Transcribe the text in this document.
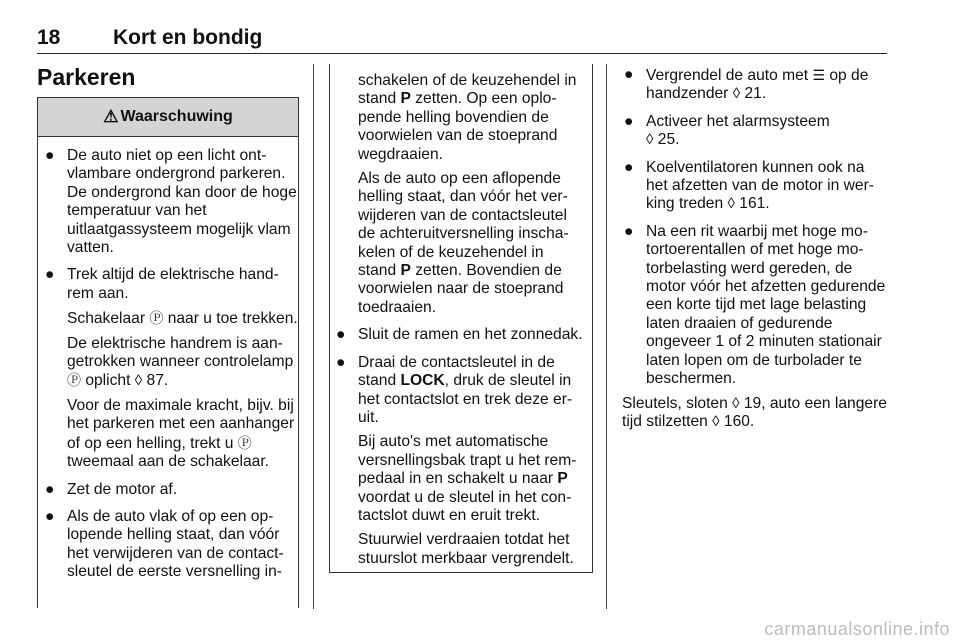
18	Kort en bondig
Parkeren
⚠ Waarschuwing

● De auto niet op een licht ontvlambare ondergrond parkeren. De ondergrond kan door de hoge temperatuur van het uitlaatgassysteem mogelijk vlam vatten.

● Trek altijd de elektrische handrem aan.

Schakelaar Ⓟ naar u toe trekken.

De elektrische handrem is aangetrokken wanneer controlelamp Ⓟ oplicht ◊ 87.

Voor de maximale kracht, bijv. bij het parkeren met een aanhanger of op een helling, trekt u Ⓟ tweemaal aan de schakelaar.

● Zet de motor af.

● Als de auto vlak of op een oplopende helling staat, dan vóór het verwijderen van de contactsleutel de eerste versnelling in-

schakelen of de keuzehendel in stand P zetten. Op een oplopende helling bovendien de voorwielen van de stoeprand wegdraaien.

Als de auto op een aflopende helling staat, dan vóór het verwijderen van de contactsleutel de achteruitversnelling inschakelen of de keuzehendel in stand P zetten. Bovendien de voorwielen naar de stoeprand toedraaien.

● Sluit de ramen en het zonnedak.

● Draai de contactsleutel in de stand LOCK, druk de sleutel in het contactslot en trek deze eruit.

Bij auto's met automatische versnellingsbak trapt u het rempedaal in en schakelt u naar P voordat u de sleutel in het contactslot duwt en eruit trekt.

Stuurwiel verdraaien totdat het stuurslot merkbaar vergrendelt.

● Vergrendel de auto met ☰ op de handzender ◊ 21.

● Activeer het alarmsysteem
◊ 25.

● Koelventilatoren kunnen ook na het afzetten van de motor in werking treden ◊ 161.

● Na een rit waarbij met hoge motortoerentallen of met hoge motorbelasting werd gereden, de motor vóór het afzetten gedurende een korte tijd met lage belasting laten draaien of gedurende ongeveer 1 of 2 minuten stationair laten lopen om de turbolader te beschermen.

Sleutels, sloten ◊ 19, auto een langere tijd stilzetten ◊ 160.

carmanualsonline.info
